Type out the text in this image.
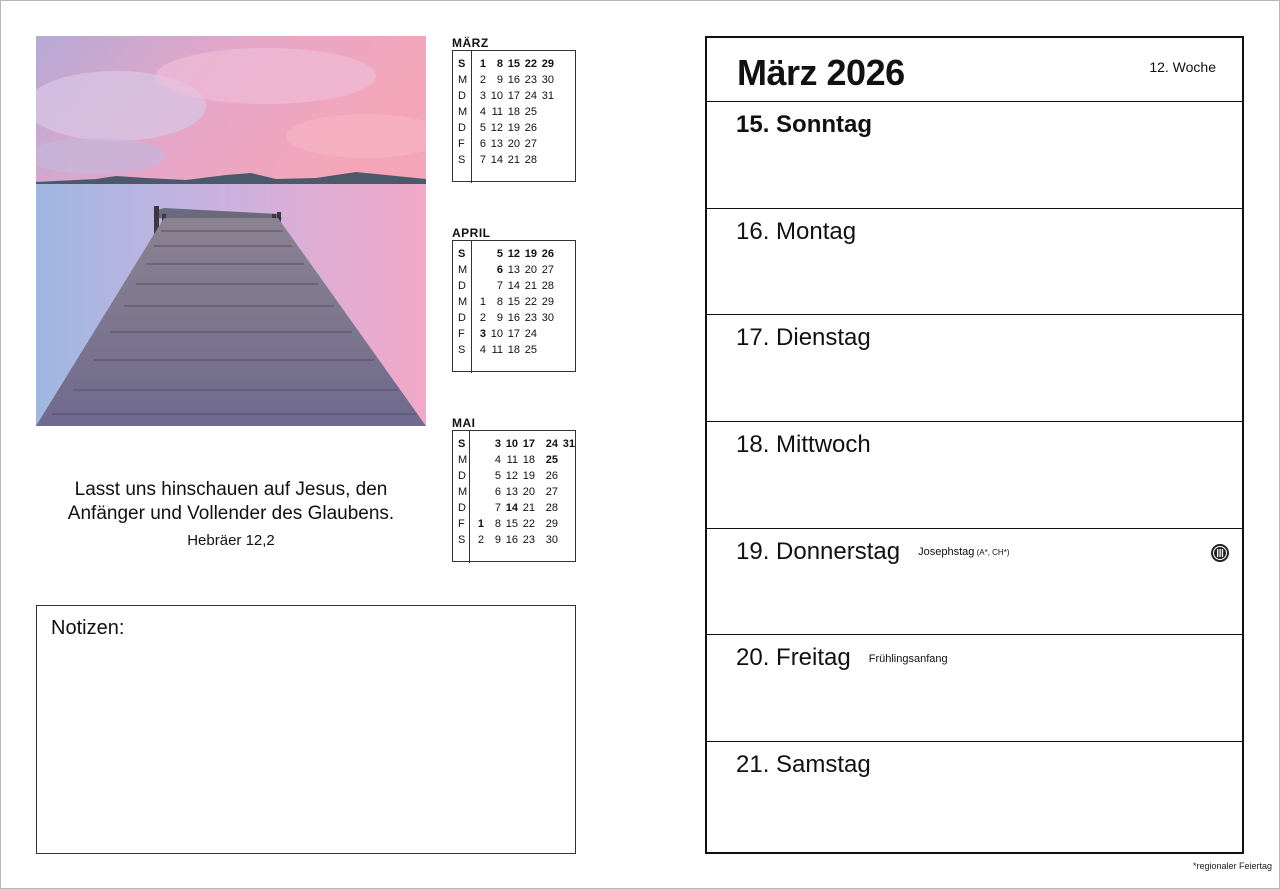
Lasst uns hinschauen auf Jesus, den
Anfänger und Vollender des Glaubens.
Hebräer 12,2
MÄRZ
S
M
D
M
D
F
S
1
2
3
4
5
6
7
8
9
10
11
12
13
14
15
16
17
18
19
20
21
22
23
24
25
26
27
28
29
30
31
APRIL
S
M
D
M
D
F
S
1
2
3
4
5
6
7
8
9
10
11
12
13
14
15
16
17
18
19
20
21
22
23
24
25
26
27
28
29
30
MAI
S
M
D
M
D
F
S
1
2
3
4
5
6
7
8
9
10
11
12
13
14
15
16
17
18
19
20
21
22
23
24
25
26
27
28
29
30
31
Notizen:
März 2026	12. Woche
15. Sonntag
16. Montag
17. Dienstag
18. Mittwoch
19. Donnerstag Josephstag (A*, CH*)
20. Freitag Frühlingsanfang
21. Samstag
*regionaler Feiertag
